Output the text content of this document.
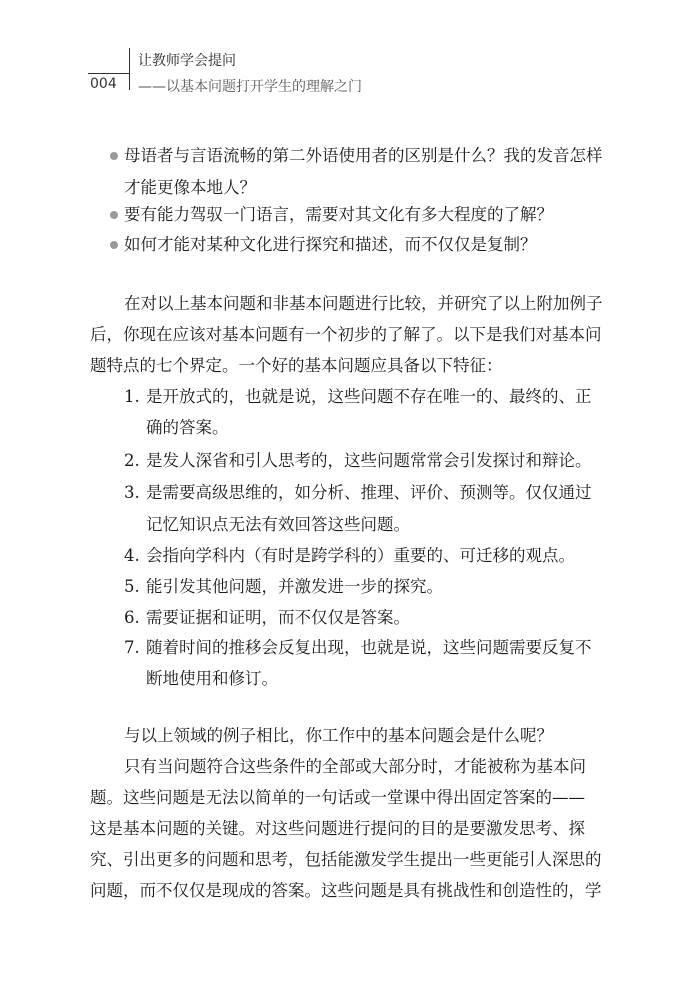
让教师学会提问
004 ——以基本问题打开学生的理解之门
母语者与言语流畅的第二外语使用者的区别是什么？我的发音怎样
才能更像本地人？
要有能力驾驭一门语言，需要对其文化有多大程度的了解？
如何才能对某种文化进行探究和描述，而不仅仅是复制？
在对以上基本问题和非基本问题进行比较，并研究了以上附加例子
后，你现在应该对基本问题有一个初步的了解了。以下是我们对基本问
题特点的七个界定。一个好的基本问题应具备以下特征：
1. 是开放式的，也就是说，这些问题不存在唯一的、最终的、正
确的答案。
2. 是发人深省和引人思考的，这些问题常常会引发探讨和辩论。
3. 是需要高级思维的，如分析、推理、评价、预测等。仅仅通过
记忆知识点无法有效回答这些问题。
4. 会指向学科内（有时是跨学科的）重要的、可迁移的观点。
5. 能引发其他问题，并激发进一步的探究。
6. 需要证据和证明，而不仅仅是答案。
7. 随着时间的推移会反复出现，也就是说，这些问题需要反复不
断地使用和修订。
与以上领域的例子相比，你工作中的基本问题会是什么呢？
只有当问题符合这些条件的全部或大部分时，才能被称为基本问
题。这些问题是无法以简单的一句话或一堂课中得出固定答案的——
这是基本问题的关键。对这些问题进行提问的目的是要激发思考、探
究、引出更多的问题和思考，包括能激发学生提出一些更能引人深思的
问题，而不仅仅是现成的答案。这些问题是具有挑战性和创造性的，学
